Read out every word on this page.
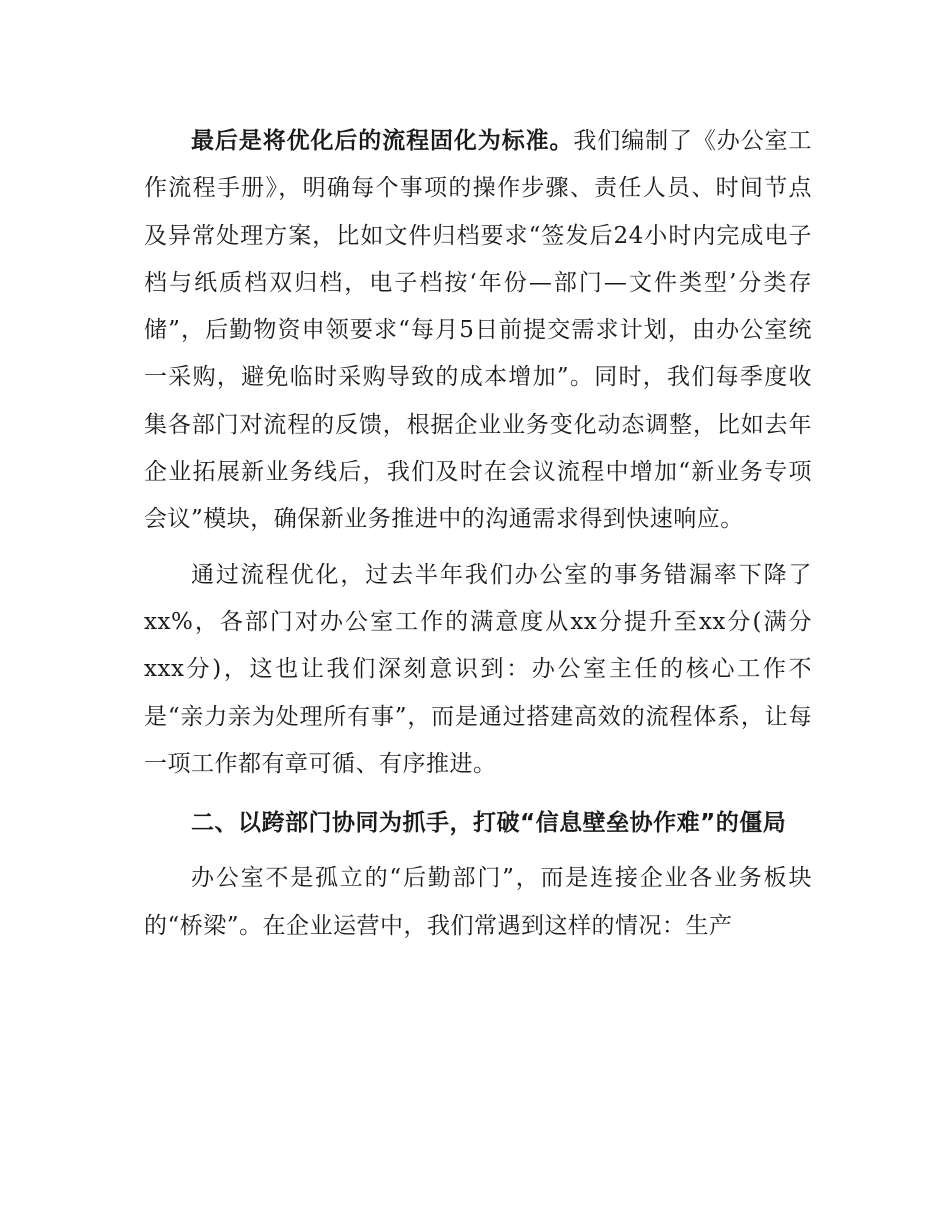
最后是将优化后的流程固化为标准。我们编制了《办公室工作流程手册》，明确每个事项的操作步骤、责任人员、时间节点及异常处理方案，比如文件归档要求“签发后24小时内完成电子档与纸质档双归档，电子档按‘年份—部门—文件类型’分类存储”，后勤物资申领要求“每月5日前提交需求计划，由办公室统一采购，避免临时采购导致的成本增加”。同时，我们每季度收集各部门对流程的反馈，根据企业业务变化动态调整，比如去年企业拓展新业务线后，我们及时在会议流程中增加“新业务专项会议”模块，确保新业务推进中的沟通需求得到快速响应。

通过流程优化，过去半年我们办公室的事务错漏率下降了xx%，各部门对办公室工作的满意度从xx分提升至xx分(满分xxx分)，这也让我们深刻意识到：办公室主任的核心工作不是“亲力亲为处理所有事”，而是通过搭建高效的流程体系，让每一项工作都有章可循、有序推进。

二、以跨部门协同为抓手，打破“信息壁垒协作难”的僵局

办公室不是孤立的“后勤部门”，而是连接企业各业务板块的“桥梁”。在企业运营中，我们常遇到这样的情况：生产
